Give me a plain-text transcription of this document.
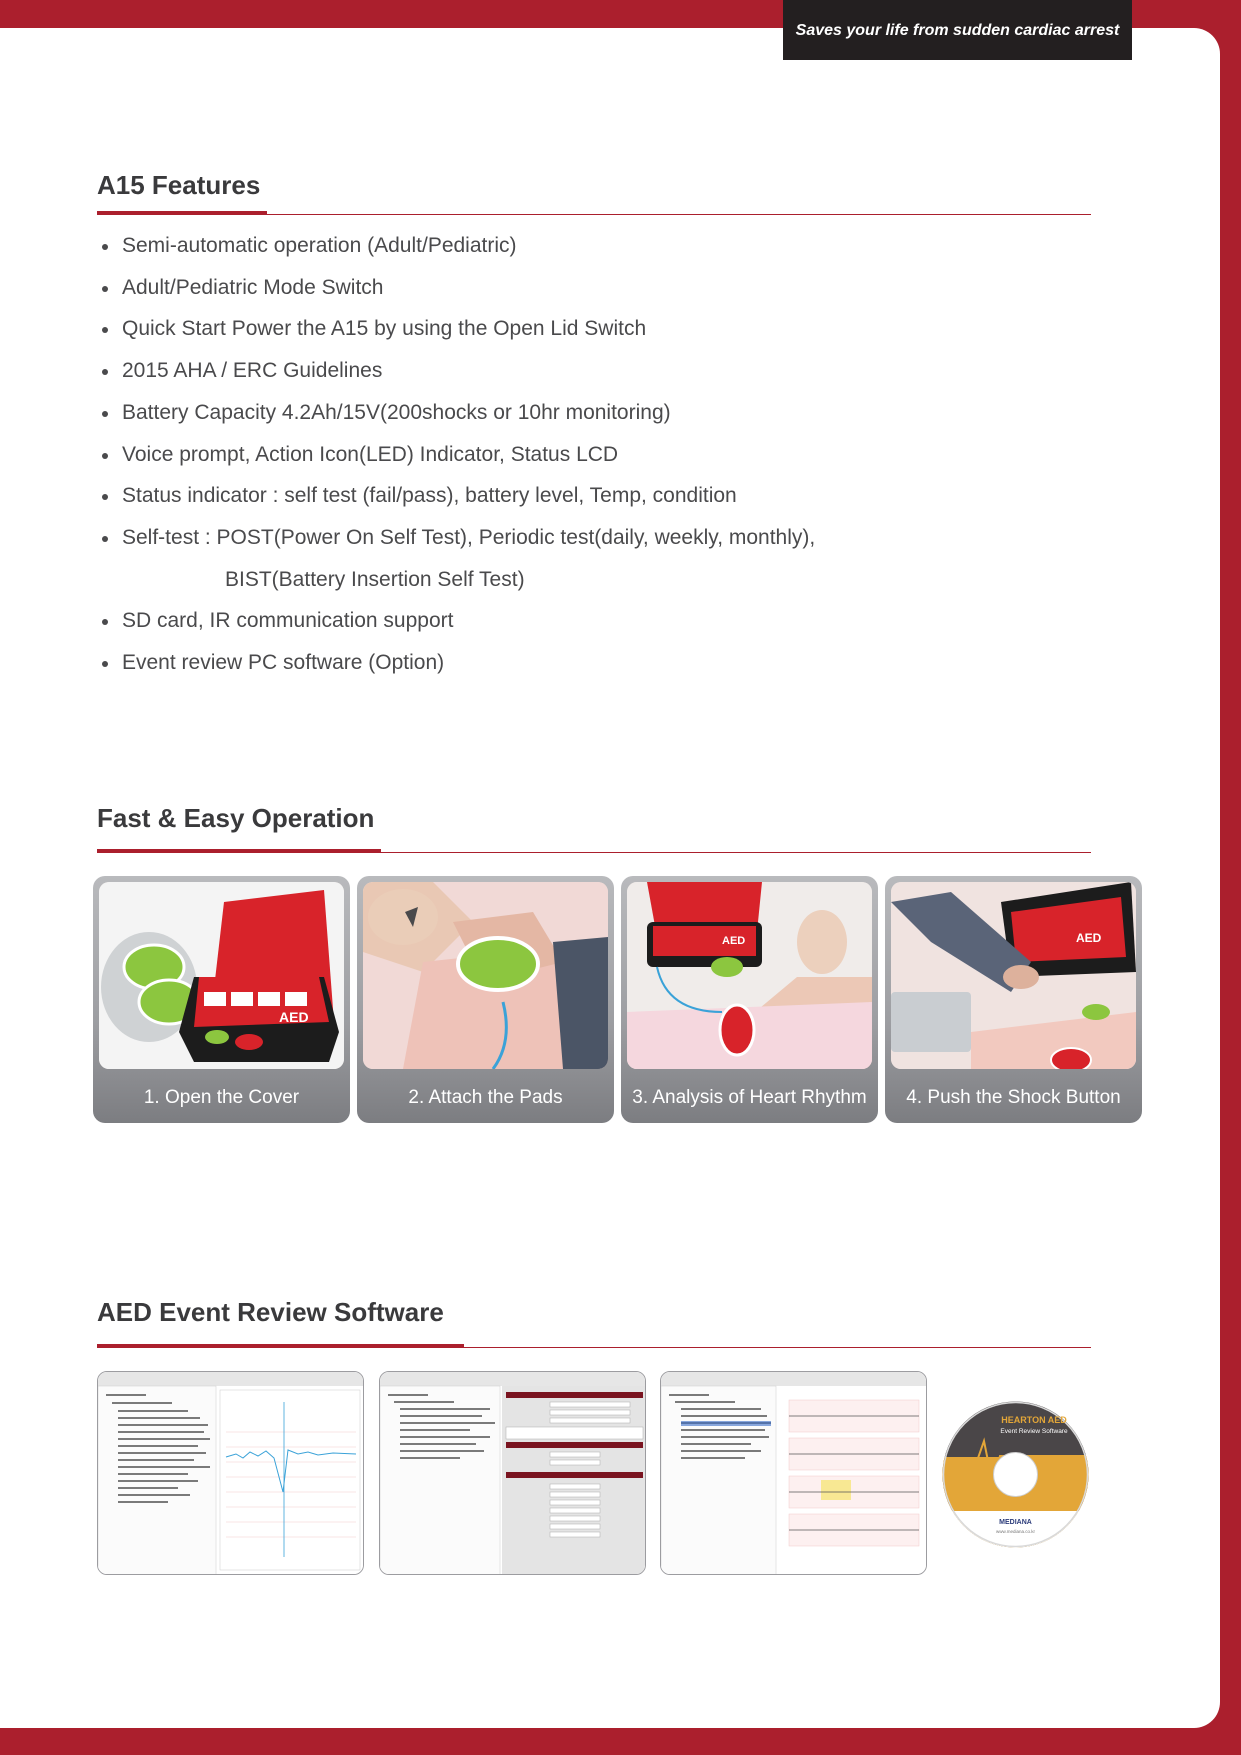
Saves your life from sudden cardiac arrest
A15 Features
Semi-automatic operation (Adult/Pediatric)
Adult/Pediatric Mode Switch
Quick Start Power the A15 by using the Open Lid Switch
2015 AHA / ERC Guidelines
Battery Capacity 4.2Ah/15V(200shocks or 10hr monitoring)
Voice prompt, Action Icon(LED) Indicator, Status LCD
Status indicator : self test (fail/pass), battery level, Temp, condition
Self-test : POST(Power On Self Test), Periodic test(daily, weekly, monthly),
BIST(Battery Insertion Self Test)
SD card, IR communication support
Event review PC software (Option)
Fast & Easy Operation
AED
1. Open the Cover	2. Attach the Pads
AED
3. Analysis of Heart Rhythm
AED
4. Push the Shock Button
AED Event Review Software
HEARTON AED
Event Review Software
MEDIANA
www.mediana.co.kr
